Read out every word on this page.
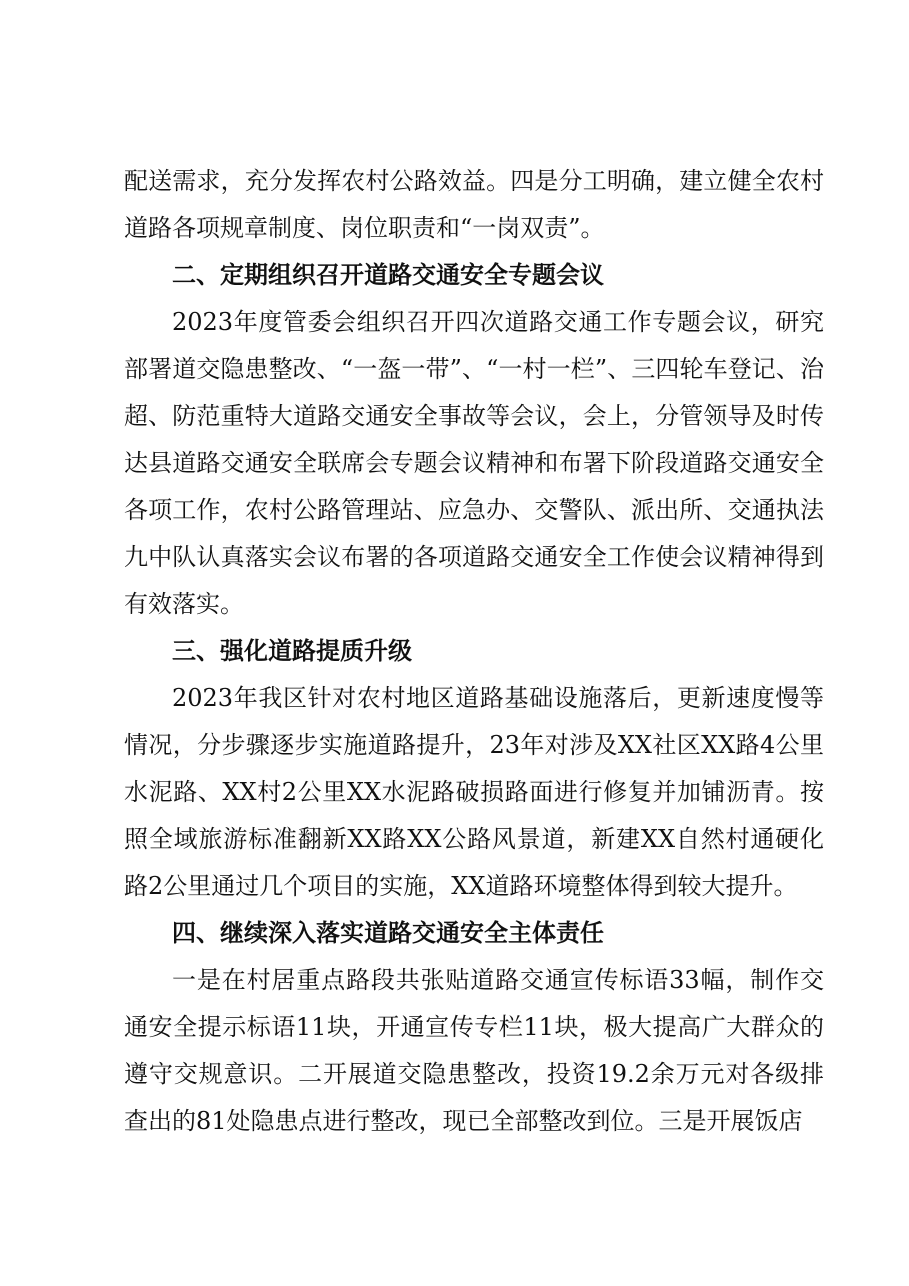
配送需求，充分发挥农村公路效益。四是分工明确，建立健全农村道路各项规章制度、岗位职责和“一岗双责”。

二、定期组织召开道路交通安全专题会议

2023年度管委会组织召开四次道路交通工作专题会议，研究部署道交隐患整改、“一盔一带”、“一村一栏”、三四轮车登记、治超、防范重特大道路交通安全事故等会议，会上，分管领导及时传达县道路交通安全联席会专题会议精神和布署下阶段道路交通安全各项工作，农村公路管理站、应急办、交警队、派出所、交通执法九中队认真落实会议布署的各项道路交通安全工作使会议精神得到有效落实。

三、强化道路提质升级

2023年我区针对农村地区道路基础设施落后，更新速度慢等情况，分步骤逐步实施道路提升，23年对涉及XX社区XX路4公里水泥路、XX村2公里XX水泥路破损路面进行修复并加铺沥青。按照全域旅游标准翻新XX路XX公路风景道，新建XX自然村通硬化路2公里通过几个项目的实施，XX道路环境整体得到较大提升。

四、继续深入落实道路交通安全主体责任

一是在村居重点路段共张贴道路交通宣传标语33幅，制作交通安全提示标语11块，开通宣传专栏11块，极大提高广大群众的遵守交规意识。二开展道交隐患整改，投资19.2余万元对各级排查出的81处隐患点进行整改，现已全部整改到位。三是开展饭店
